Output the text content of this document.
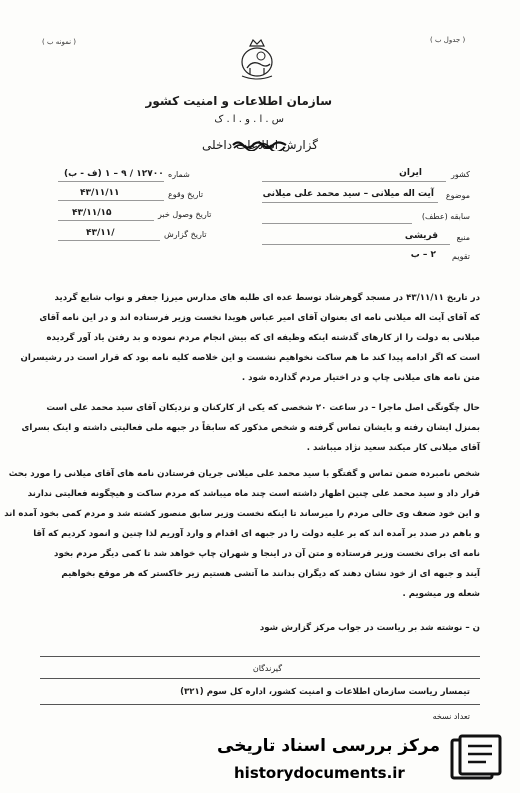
( نمونه ب )	( جدول ب )
سازمان اطلاعات و امنیت کشور
س . ا . و . ا . ک
گزارش اطلاعات داخلی
شماره
۱۲۷۰۰ / ۹ – ۱ (ف - ب)
تاریخ وقوع
۴۳/۱۱/۱۱
تاریخ وصول خبر
۴۳/۱۱/۱۵
تاریخ گزارش
۴۳/۱۱/
کشور
ایران
موضوع
آیت اله میلانی – سید محمد علی میلانی
سابقه (عطف)
منبع
قریشی
تقویم
۲ – ب
در تاریخ ۴۳/۱۱/۱۱ در مسجد گوهرشاد توسط عده ای طلبه های مدارس میرزا جعفر و نواب شایع گردید
که آقای آیت اله میلانی نامه ای بعنوان آقای امیر عباس هویدا نخست وزیر فرستاده اند و در این نامه آقای
میلانی به دولت را از کارهای گذشته اینکه وظیفه ای که بیش انجام مردم نموده و بد رفتن یاد آور گردیده
است که اگر ادامه پیدا کند ما هم ساکت نخواهیم نشست و این خلاصه کلیه نامه بود که قرار است در رشیسران
متن نامه های میلانی چاپ و در اختیار مردم گذارده شود .
حال چگونگی اصل ماجرا – در ساعت ۲۰ شخصی که یکی از کارکنان و نزدیکان آقای سید محمد علی است
بمنزل ایشان رفته و بایشان تماس گرفته و شخص مذکور که سابقاً در جبهه ملی فعالیتی داشته و اینک بسرای
آقای میلانی کار میکند سعید نژاد میباشد .
شخص نامبرده ضمن تماس و گفتگو با سید محمد علی میلانی جریان فرستادن نامه های آقای میلانی را مورد بحث
قرار داد و سید محمد علی چنین اظهار داشته است چند ماه میباشد که مردم ساکت و هیچگونه فعالیتی ندارند
و این خود ضعف وی حالی مردم را میرساند تا اینکه نخست وزیر سابق منصور کشته شد و مردم کمی بخود آمده اند
و باهم در صدد بر آمده اند که بر علیه دولت را در جبهه ای اقدام و وارد آوریم لذا چنین و انمود کردیم که آقا
نامه ای برای نخست وزیر فرستاده و متن آن در اینجا و شهران چاپ خواهد شد تا کمی دیگر مردم بخود
آیند و جبهه ای از خود نشان دهند که دیگران بدانند ما آتشی هستیم زیر خاکستر که هر موقع بخواهیم
شعله ور میشویم .
ن – نوشته شد بر ریاست در جواب مرکز گزارش شود
گیرندگان
تیمسار ریاست سازمان اطلاعات و امنیت کشور، اداره کل سوم (۳۲۱)
تعداد نسخه
مرکز بررسی اسناد تاریخی
historydocuments.ir
